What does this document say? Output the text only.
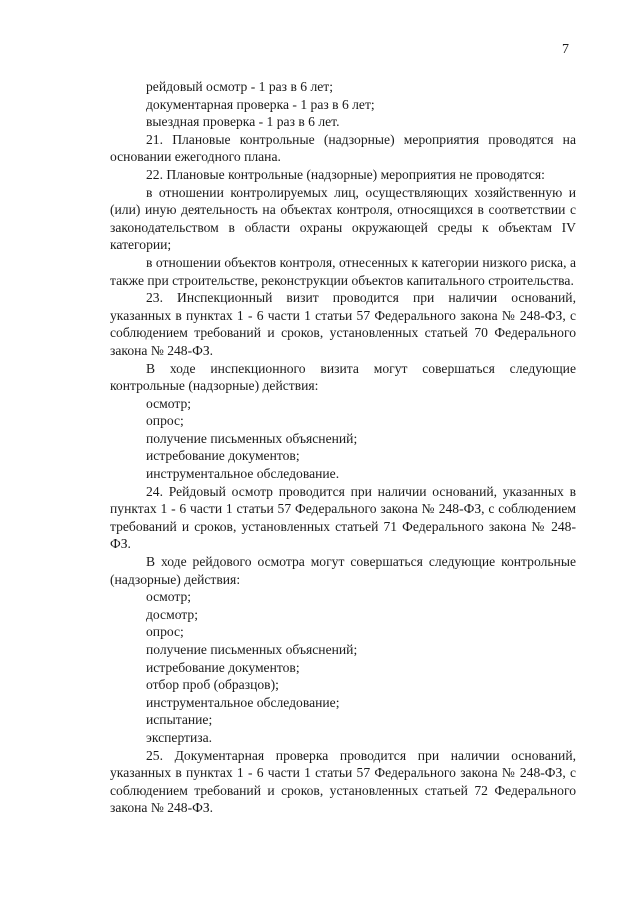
7

рейдовый осмотр - 1 раз в 6 лет;

документарная проверка - 1 раз в 6 лет;

выездная проверка - 1 раз в 6 лет.

21. Плановые контрольные (надзорные) мероприятия проводятся на основании ежегодного плана.

22. Плановые контрольные (надзорные) мероприятия не проводятся:

в отношении контролируемых лиц, осуществляющих хозяйственную и (или) иную деятельность на объектах контроля, относящихся в соответствии с законодательством в области охраны окружающей среды к объектам IV категории;

в отношении объектов контроля, отнесенных к категории низкого риска, а также при строительстве, реконструкции объектов капитального строительства.

23. Инспекционный визит проводится при наличии оснований, указанных в пунктах 1 - 6 части 1 статьи 57 Федерального закона № 248-ФЗ, с соблюдением требований и сроков, установленных статьей 70 Федерального закона № 248-ФЗ.

В ходе инспекционного визита могут совершаться следующие контрольные (надзорные) действия:

осмотр;

опрос;

получение письменных объяснений;

истребование документов;

инструментальное обследование.

24. Рейдовый осмотр проводится при наличии оснований, указанных в пунктах 1 - 6 части 1 статьи 57 Федерального закона № 248-ФЗ, с соблюдением требований и сроков, установленных статьей 71 Федерального закона № 248-ФЗ.

В ходе рейдового осмотра могут совершаться следующие контрольные (надзорные) действия:

осмотр;

досмотр;

опрос;

получение письменных объяснений;

истребование документов;

отбор проб (образцов);

инструментальное обследование;

испытание;

экспертиза.

25. Документарная проверка проводится при наличии оснований, указанных в пунктах 1 - 6 части 1 статьи 57 Федерального закона № 248-ФЗ, с соблюдением требований и сроков, установленных статьей 72 Федерального закона № 248-ФЗ.
